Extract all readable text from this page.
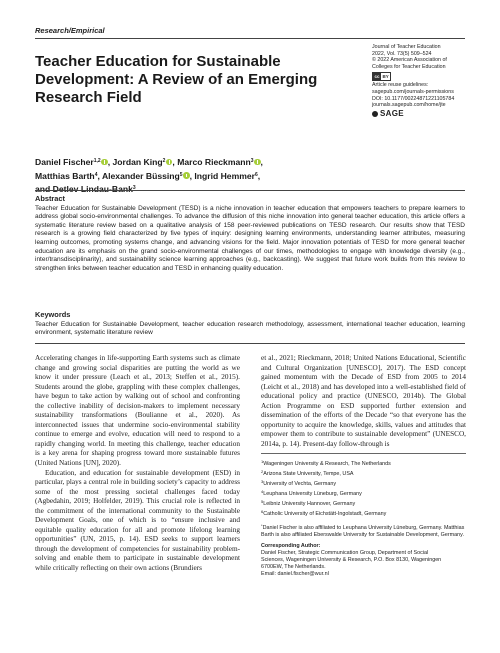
Research/Empirical
Teacher Education for Sustainable Development: A Review of an Emerging Research Field
Journal of Teacher Education
2022, Vol. 73(5) 509–524
© 2022 American Association of
Colleges for Teacher Education
cc BY
Article reuse guidelines:
sagepub.com/journals-permissions
DOI: 10.1177/00224871221105784
journals.sagepub.com/home/jte
SAGE
Daniel Fischer$^{1,2}$ , Jordan King$^2$ , Marco Rieckmann$^3$ ,
Matthias Barth$^4$, Alexander Büssing$^5$ , Ingrid Hemmer$^6$,
and Detlev Lindau-Bank$^3$
Abstract

Teacher Education for Sustainable Development (TESD) is a niche innovation in teacher education that empowers teachers to prepare learners to address global socio-environmental challenges. To advance the diffusion of this niche innovation into general teacher education, this article offers a systematic literature review based on a qualitative analysis of 158 peer-reviewed publications on TESD research. Our results show that TESD research is a growing field characterized by five types of inquiry: designing learning environments, understanding learner attributes, measuring learning outcomes, promoting systems change, and advancing visions for the field. Major innovation potentials of TESD for more general teacher education are its emphasis on the grand socio-environmental challenges of our times, methodologies to engage with knowledge diversity (e.g., inter/transdisciplinarity), and sustainability science learning approaches (e.g., backcasting). We suggest that future work builds from this review to strengthen links between teacher education and TESD in enhancing quality education.

Keywords

Teacher Education for Sustainable Development, teacher education research methodology, assessment, international teacher education, learning environment, systematic literature review

Accelerating changes in life-supporting Earth systems such as climate change and growing social disparities are putting the world as we know it under pressure (Leach et al., 2013; Steffen et al., 2015). Students around the globe, grappling with these complex challenges, have begun to take action by walking out of school and confronting the collective inability of decision-makers to implement necessary sustainability transformations (Boulianne et al., 2020). As interconnected issues that undermine socio-environmental stability continue to emerge and evolve, education will need to respond to a rapidly changing world. In meeting this challenge, teacher education is a key arena for shaping progress toward more sustainable futures (United Nations [UN], 2020).

Education, and education for sustainable development (ESD) in particular, plays a central role in building society’s capacity to address some of the most pressing societal challenges faced today (Agbedahin, 2019; Holfelder, 2019). This crucial role is reflected in the commitment of the international community to the Sustainable Development Goals, one of which is to “ensure inclusive and equitable quality education for all and promote lifelong learning opportunities” (UN, 2015, p. 14). ESD seeks to support learners through the development of competencies for sustainability problem-solving and enable them to participate in sustainable development while critically reflecting on their own actions (Brundiers

et al., 2021; Rieckmann, 2018; United Nations Educational, Scientific and Cultural Organization [UNESCO], 2017). The ESD concept gained momentum with the Decade of ESD from 2005 to 2014 (Leicht et al., 2018) and has developed into a well-established field of educational policy and practice (UNESCO, 2014b). The Global Action Programme on ESD supported further extension and dissemination of the efforts of the Decade “so that everyone has the opportunity to acquire the knowledge, skills, values and attitudes that empower them to contribute to sustainable development” (UNESCO, 2014a, p. 14). Present-day follow-through is

$^1$Wageningen University & Research, The Netherlands
$^2$Arizona State University, Tempe, USA
$^3$University of Vechta, Germany
$^4$Leuphana University Lüneburg, Germany
$^5$Leibniz University Hannover, Germany
$^6$Catholic University of Eichstätt-Ingolstadt, Germany
*Daniel Fischer is also affiliated to Leuphana University Lüneburg, Germany. Matthias Barth is also affiliated Eberswalde University for Sustainable Development, Germany.
Corresponding Author:
Daniel Fischer, Strategic Communication Group, Department of Social
Sciences, Wageningen University & Research, P.O. Box 8130, Wageningen
6700EW, The Netherlands.
Email: daniel.fischer@wur.nl
